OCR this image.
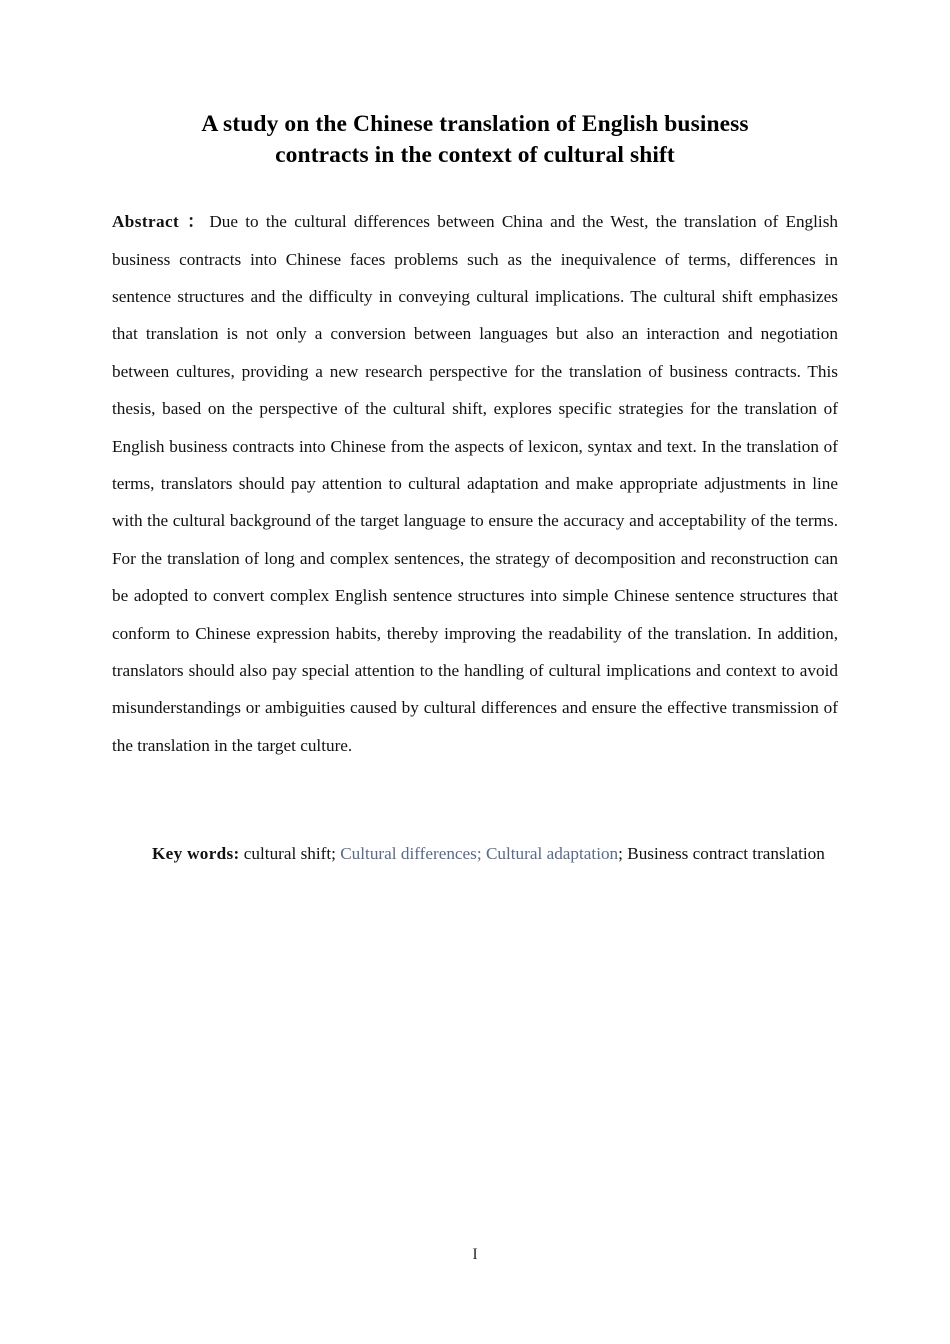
A study on the Chinese translation of English business
contracts in the context of cultural shift

Abstract ： Due to the cultural differences between China and the West, the translation of English business contracts into Chinese faces problems such as the inequivalence of terms, differences in sentence structures and the difficulty in conveying cultural implications. The cultural shift emphasizes that translation is not only a conversion between languages but also an interaction and negotiation between cultures, providing a new research perspective for the translation of business contracts. This thesis, based on the perspective of the cultural shift, explores specific strategies for the translation of English business contracts into Chinese from the aspects of lexicon, syntax and text. In the translation of terms, translators should pay attention to cultural adaptation and make appropriate adjustments in line with the cultural background of the target language to ensure the accuracy and acceptability of the terms. For the translation of long and complex sentences, the strategy of decomposition and reconstruction can be adopted to convert complex English sentence structures into simple Chinese sentence structures that conform to Chinese expression habits, thereby improving the readability of the translation. In addition, translators should also pay special attention to the handling of cultural implications and context to avoid misunderstandings or ambiguities caused by cultural differences and ensure the effective transmission of the translation in the target culture.

Key words: cultural shift; Cultural differences; Cultural adaptation; Business contract translation

I
